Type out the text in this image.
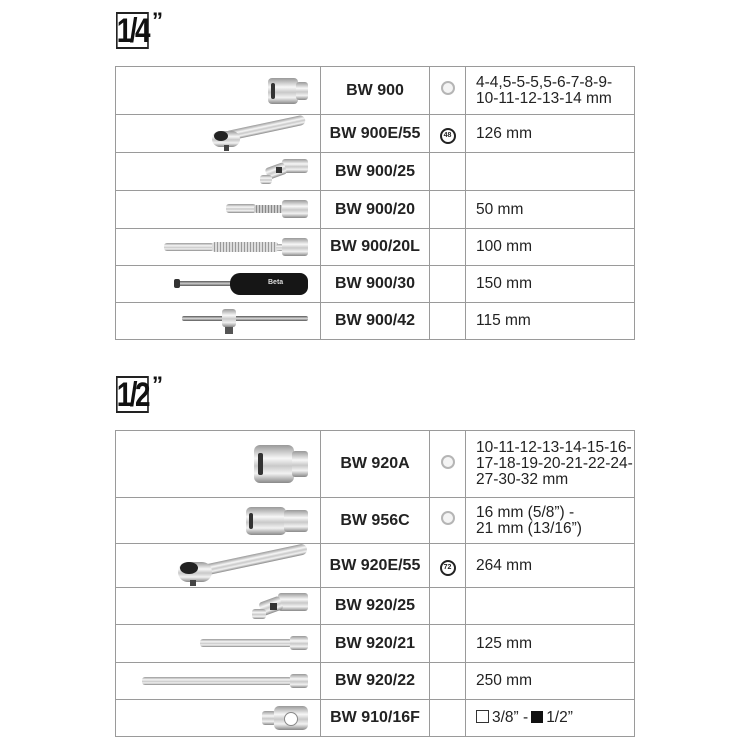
1/4 ”
	BW 900		4-4,5-5-5,5-6-7-8-9-
10-11-12-13-14 mm

	BW 900E/55	48	126 mm

	BW 900/25		

	BW 900/20		50 mm

	BW 900/20L		100 mm

Beta	BW 900/30		150 mm

	BW 900/42		115 mm
1/2 ”
	BW 920A		10-11-12-13-14-15-16-
17-18-19-20-21-22-24-
27-30-32 mm

	BW 956C		16 mm (5/8”) -
21 mm (13/16”)

	BW 920E/55	72	264 mm

	BW 920/25		

	BW 920/21		125 mm

	BW 920/22		250 mm

	BW 910/16F		3/8” - 1/2”
